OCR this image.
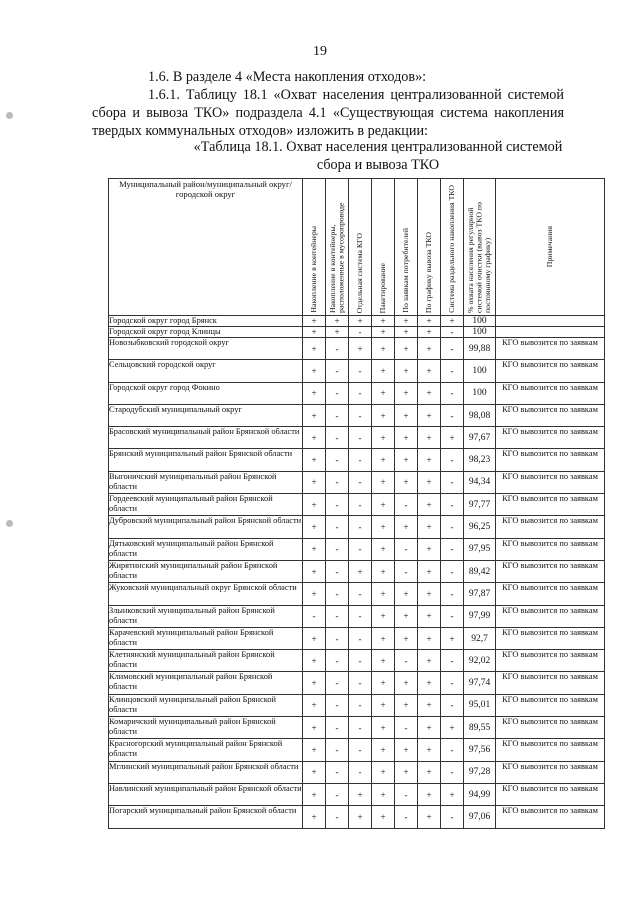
19
1.6. В разделе 4 «Места накопления отходов»:
1.6.1. Таблицу 18.1 «Охват населения централизованной системой сбора и вывоза ТКО» подраздела 4.1 «Существующая система накопления твердых коммунальных отходов» изложить в редакции:
«Таблица 18.1. Охват населения централизованной системой сбора и вывоза ТКО
Муниципальный район/муниципальный округ/городской округ	Накопление в контейнеры	Накопление в контейнеры, расположенные в мусоропроводе	Отдельная система КГО	Пакетирование	По заявкам потребителей	По графику вывоза ТКО	Система раздельного накопления ТКО	% охвата населения регулярной системой очистки (вывоз ТКО по постоянному графику)	Примечания
Городской округ город Брянск	+	+	+	+	+	+	+	100	
Городской округ город Клинцы	+	+	-	+	+	+	-	100	
Новозыбковский городской округ	+	-	+	+	+	+	-	99,88	КГО вывозится по заявкам
Сельцовский городской округ	+	-	-	+	+	+	-	100	КГО вывозится по заявкам
Городской округ город Фокино	+	-	-	+	+	+	-	100	КГО вывозится по заявкам
Стародубский муниципальный округ	+	-	-	+	+	+	-	98,08	КГО вывозится по заявкам
Брасовский муниципальный район Брянской области	+	-	-	+	+	+	+	97,67	КГО вывозится по заявкам
Брянский муниципальный район Брянской области	+	-	-	+	+	+	-	98,23	КГО вывозится по заявкам
Выгоничский муниципальный район Брянской области	+	-	-	+	+	+	-	94,34	КГО вывозится по заявкам
Гордеевский муниципальный район Брянской области	+	-	-	+	-	+	-	97,77	КГО вывозится по заявкам
Дубровский муниципальный район Брянской области	+	-	-	+	+	+	-	96,25	КГО вывозится по заявкам
Дятьковский муниципальный район Брянской области	+	-	-	+	-	+	-	97,95	КГО вывозится по заявкам
Жирятинский муниципальный район Брянской области	+	-	+	+	-	+	-	89,42	КГО вывозится по заявкам
Жуковский муниципальный округ Брянской области	+	-	-	+	+	+	-	97,87	КГО вывозится по заявкам
Злынковский муниципальный район Брянской области	-	-	-	+	+	+	-	97,99	КГО вывозится по заявкам
Карачевский муниципальный район Брянской области	+	-	-	+	+	+	+	92,7	КГО вывозится по заявкам
Клетнянский муниципальный район Брянской области	+	-	-	+	-	+	-	92,02	КГО вывозится по заявкам
Климовский муниципальный район Брянской области	+	-	-	+	+	+	-	97,74	КГО вывозится по заявкам
Клинцовский муниципальный район Брянской области	+	-	-	+	+	+	-	95,01	КГО вывозится по заявкам
Комаричский муниципальный район Брянской области	+	-	-	+	-	+	+	89,55	КГО вывозится по заявкам
Красногорский муниципальный район Брянской области	+	-	-	+	+	+	-	97,56	КГО вывозится по заявкам
Мглинский муниципальный район Брянской области	+	-	-	+	+	+	-	97,28	КГО вывозится по заявкам
Навлинский муниципальный район Брянской области	+	-	+	+	-	+	+	94,99	КГО вывозится по заявкам
Погарский муниципальный район Брянской области	+	-	+	+	-	+	-	97,06	КГО вывозится по заявкам
